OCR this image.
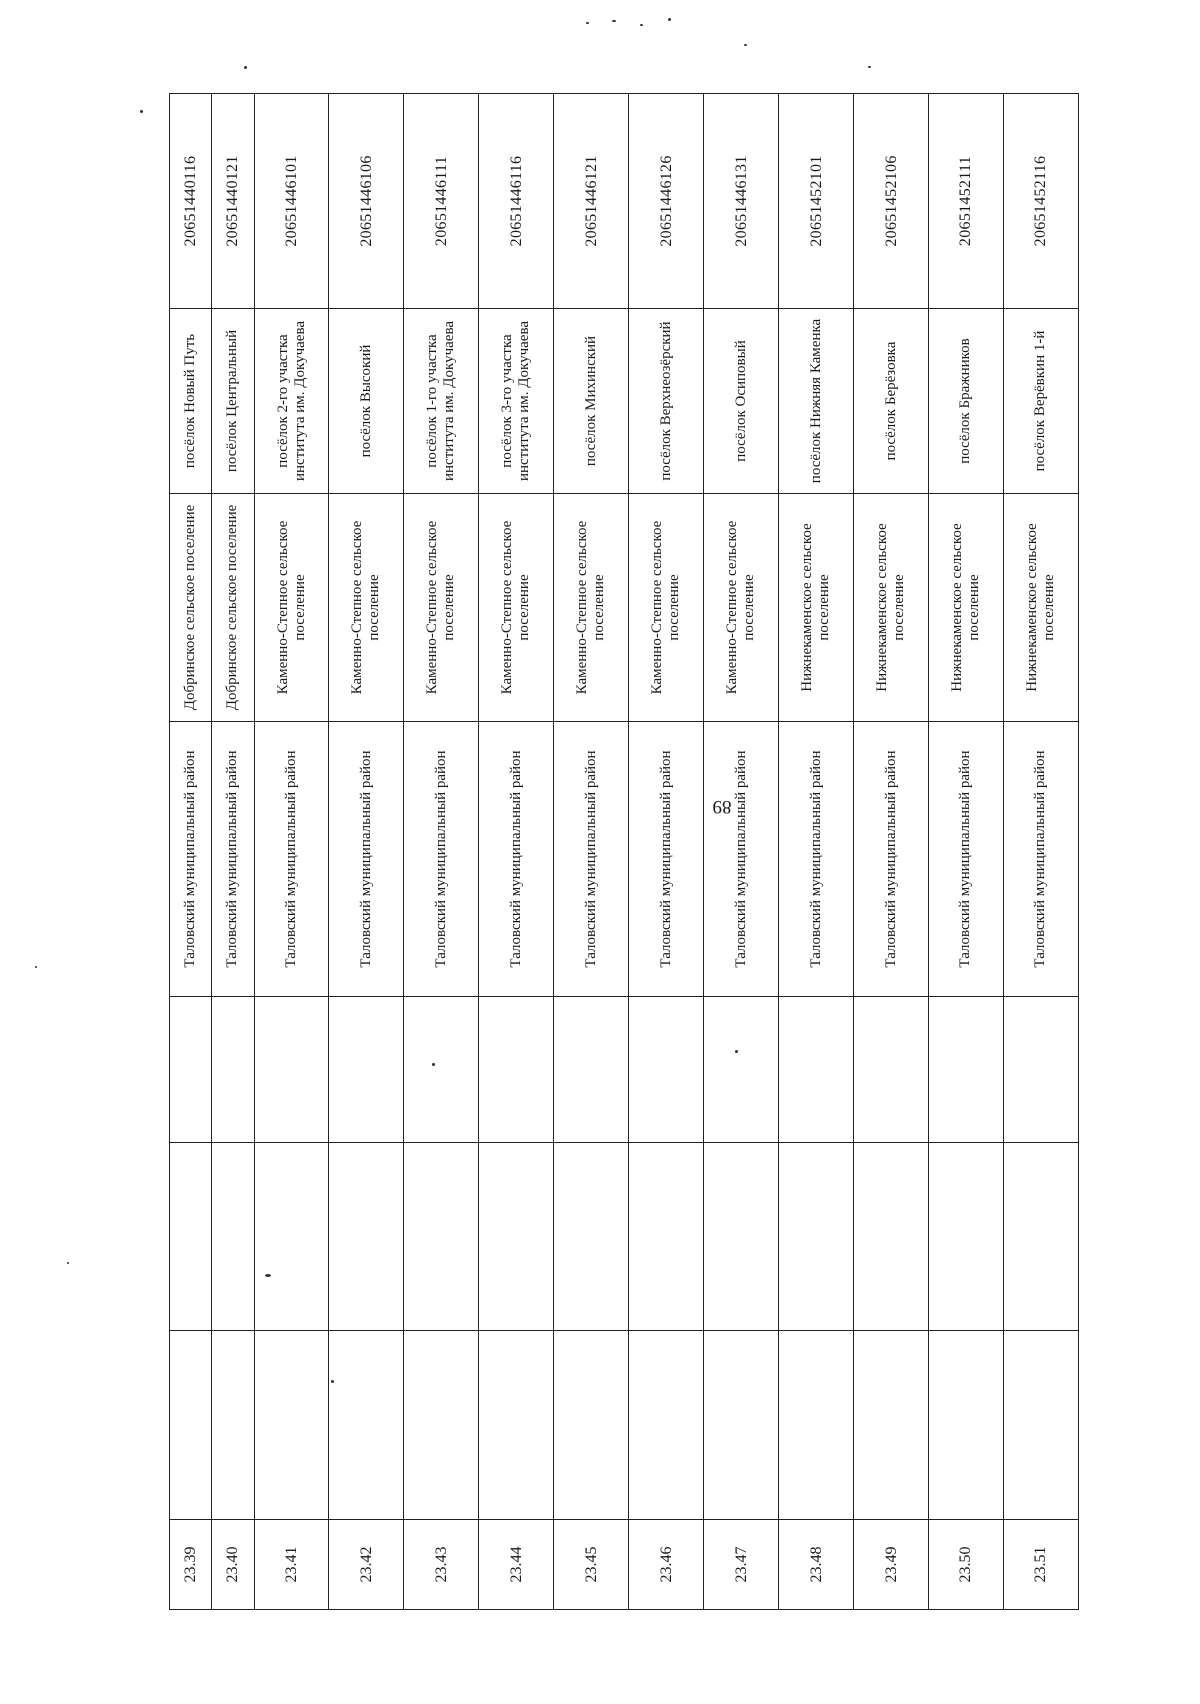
89
23.39				Таловский муниципальный район	Добринское сельское поселение	посёлок Новый Путь	20651440116
23.40				Таловский муниципальный район	Добринское сельское поселение	посёлок Центральный	20651440121
23.41				Таловский муниципальный район	Каменно-Степное сельское поселение	посёлок 2-го участка института им. Докучаева	20651446101
23.42				Таловский муниципальный район	Каменно-Степное сельское поселение	посёлок Высокий	20651446106
23.43				Таловский муниципальный район	Каменно-Степное сельское поселение	посёлок 1-го участка института им. Докучаева	20651446111
23.44				Таловский муниципальный район	Каменно-Степное сельское поселение	посёлок 3-го участка института им. Докучаева	20651446116
23.45				Таловский муниципальный район	Каменно-Степное сельское поселение	посёлок Михинский	20651446121
23.46				Таловский муниципальный район	Каменно-Степное сельское поселение	посёлок Верхнеозёрский	20651446126
23.47				Таловский муниципальный район	Каменно-Степное сельское поселение	посёлок Осиповый	20651446131
23.48				Таловский муниципальный район	Нижнекаменское сельское поселение	посёлок Нижняя Каменка	20651452101
23.49				Таловский муниципальный район	Нижнекаменское сельское поселение	посёлок Берёзовка	20651452106
23.50				Таловский муниципальный район	Нижнекаменское сельское поселение	посёлок Бражников	20651452111
23.51				Таловский муниципальный район	Нижнекаменское сельское поселение	посёлок Верёвкин 1-й	20651452116
